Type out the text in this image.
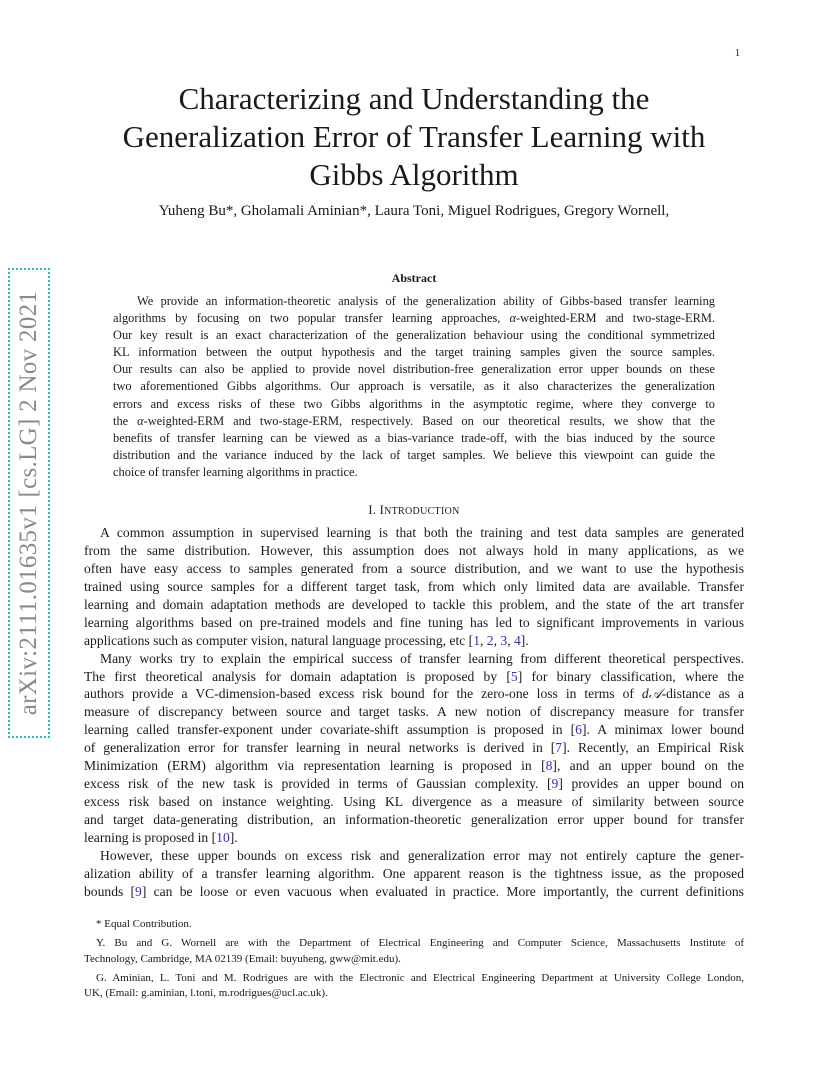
1
arXiv:2111.01635v1 [cs.LG] 2 Nov 2021
Characterizing and Understanding the
Generalization Error of Transfer Learning with
Gibbs Algorithm
Yuheng Bu*, Gholamali Aminian*, Laura Toni, Miguel Rodrigues, Gregory Wornell,
Abstract
We provide an information-theoretic analysis of the generalization ability of Gibbs-based transfer learning
algorithms by focusing on two popular transfer learning approaches, α-weighted-ERM and two-stage-ERM.
Our key result is an exact characterization of the generalization behaviour using the conditional symmetrized
KL information between the output hypothesis and the target training samples given the source samples.
Our results can also be applied to provide novel distribution-free generalization error upper bounds on these
two aforementioned Gibbs algorithms. Our approach is versatile, as it also characterizes the generalization
errors and excess risks of these two Gibbs algorithms in the asymptotic regime, where they converge to
the α-weighted-ERM and two-stage-ERM, respectively. Based on our theoretical results, we show that the
benefits of transfer learning can be viewed as a bias-variance trade-off, with the bias induced by the source
distribution and the variance induced by the lack of target samples. We believe this viewpoint can guide the
choice of transfer learning algorithms in practice.
I. INTRODUCTION
A common assumption in supervised learning is that both the training and test data samples are generated
from the same distribution. However, this assumption does not always hold in many applications, as we
often have easy access to samples generated from a source distribution, and we want to use the hypothesis
trained using source samples for a different target task, from which only limited data are available. Transfer
learning and domain adaptation methods are developed to tackle this problem, and the state of the art transfer
learning algorithms based on pre-trained models and fine tuning has led to significant improvements in various
applications such as computer vision, natural language processing, etc [1, 2, 3, 4].
Many works try to explain the empirical success of transfer learning from different theoretical perspectives.
The first theoretical analysis for domain adaptation is proposed by [5] for binary classification, where the
authors provide a VC-dimension-based excess risk bound for the zero-one loss in terms of d𝒜-distance as a
measure of discrepancy between source and target tasks. A new notion of discrepancy measure for transfer
learning called transfer-exponent under covariate-shift assumption is proposed in [6]. A minimax lower bound
of generalization error for transfer learning in neural networks is derived in [7]. Recently, an Empirical Risk
Minimization (ERM) algorithm via representation learning is proposed in [8], and an upper bound on the
excess risk of the new task is provided in terms of Gaussian complexity. [9] provides an upper bound on
excess risk based on instance weighting. Using KL divergence as a measure of similarity between source
and target data-generating distribution, an information-theoretic generalization error upper bound for transfer
learning is proposed in [10].
However, these upper bounds on excess risk and generalization error may not entirely capture the gener-
alization ability of a transfer learning algorithm. One apparent reason is the tightness issue, as the proposed
bounds [9] can be loose or even vacuous when evaluated in practice. More importantly, the current definitions
* Equal Contribution.
Y. Bu and G. Wornell are with the Department of Electrical Engineering and Computer Science, Massachusetts Institute of
Technology, Cambridge, MA 02139 (Email: buyuheng, gww@mit.edu).
G. Aminian, L. Toni and M. Rodrigues are with the Electronic and Electrical Engineering Department at University College London,
UK, (Email: g.aminian, l.toni, m.rodrigues@ucl.ac.uk).
